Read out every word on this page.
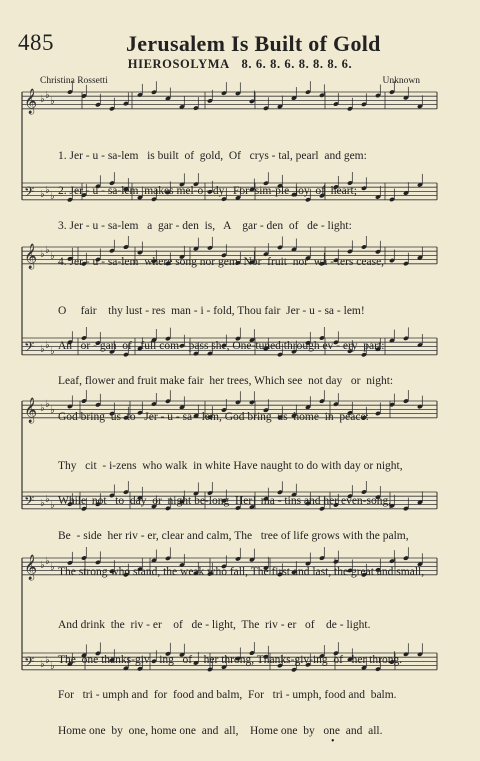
485	Jerusalem Is Built of Gold
HIEROSOLYMA 8. 6. 8. 6. 8. 8. 8. 6.
Christina Rossetti	Unknown
𝄞 ♭ ♭
♭
𝄢 ♭ ♭
♭
𝄞 ♭ ♭
♭
𝄢 ♭ ♭
♭
𝄞 ♭ ♭
♭
𝄢 ♭ ♭
♭
𝄞 ♭ ♭
♭
𝄢 ♭ ♭
♭

1. Jer - u - sa-lem   is built  of  gold,  Of   crys - tal, pearl  and gem:

2. Jer - u - sa-lem  makes mel-o - dy   For  sim-ple  joy  of  heart;

3. Jer - u - sa-lem   a  gar - den  is,   A    gar - den  of   de - light:

4. Jer - u - sa-lem  where song nor gem  Nor  fruit  nor  wa - ters cease,

O     fair    thy lust - res  man - i - fold, Thou fair  Jer - u - sa - lem!

An   or - gan  of   full com - pass she, One-tuned through ev - ery  part:

Leaf, flower and fruit make fair  her trees, Which see  not day   or  night:

God bring  us  to   Jer - u - sa - lem, God bring  us  home  in  peace:

Thy   cit  - i-zens  who walk  in white Have naught to do with day or night,

While  not   to  day  or  night be-long  Her   ma - tins and her even-song,

Be  - side  her riv - er, clear and calm, The   tree of life grows with the palm,

The strong who stand, the weak who fall, The first and last, the great and small,

And drink  the  riv - er    of   de - light,  The  riv - er   of    de - light.

The  one thanks-giv - ing   of    her throng, Thanks-giv-ing  of   her throng.

For   tri - umph and  for  food and balm,  For   tri - umph, food and  balm.

Home one  by  one, home one  and  all,    Home one  by   one  and  all.

•
